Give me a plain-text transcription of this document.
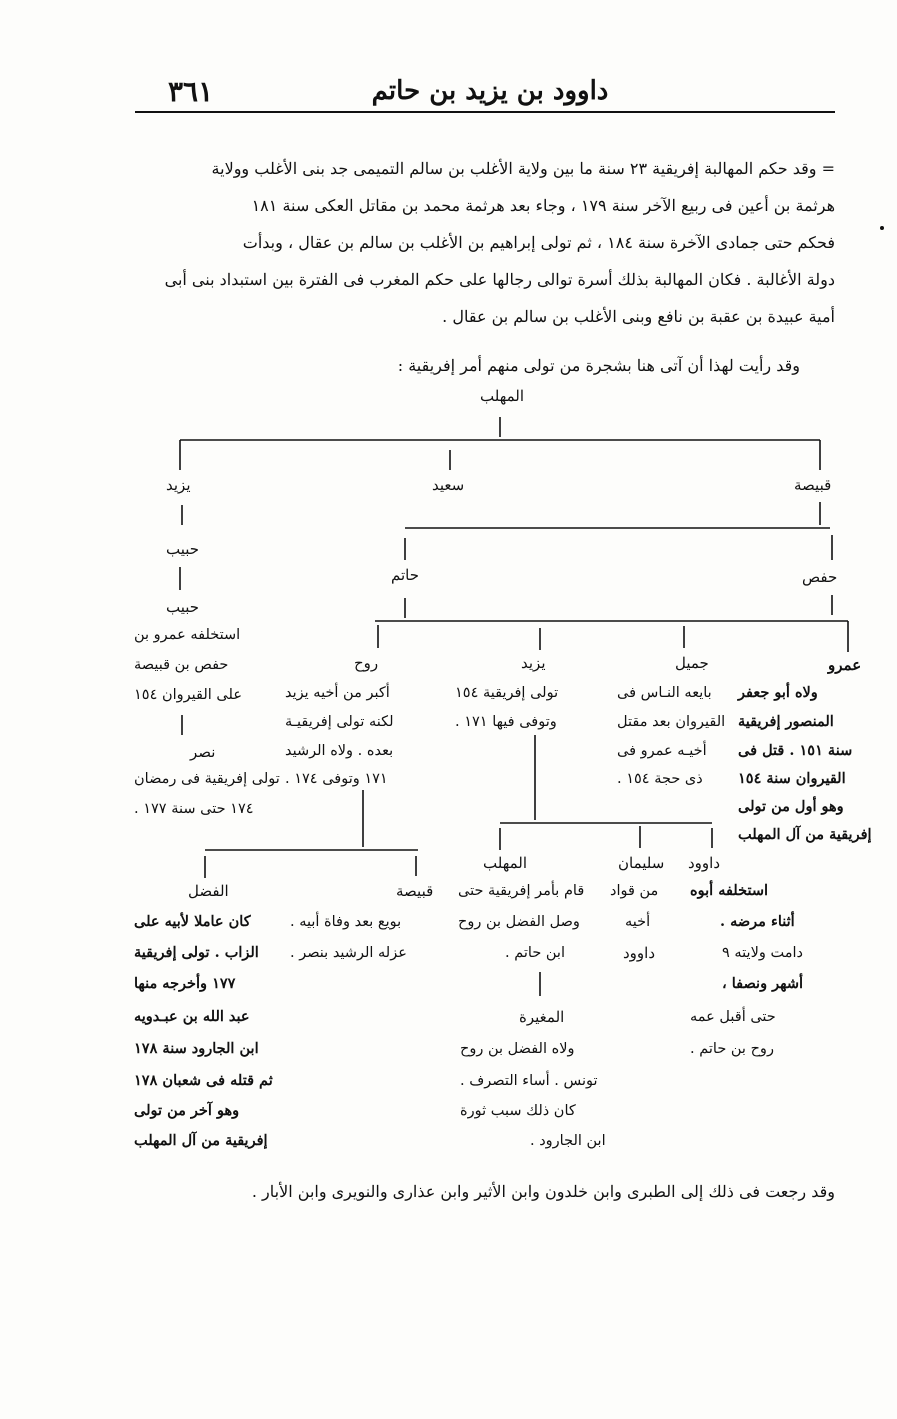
داوود بن يزيد بن حاتم
٣٦١
= وقد حكم المهالبة إفريقية ٢٣ سنة ما بين ولاية الأغلب بن سالم التميمى جد بنى الأغلب وولاية
هرثمة بن أعين فى ربيع الآخر سنة ١٧٩ ، وجاء بعد هرثمة محمد بن مقاتل العكى سنة ١٨١
فحكم حتى جمادى الآخرة سنة ١٨٤ ، ثم تولى إبراهيم بن الأغلب بن سالم بن عقال ، وبدأت
دولة الأغالبة . فكان المهالبة بذلك أسرة توالى رجالها على حكم المغرب فى الفترة بين استبداد بنى أبى
أمية عبيدة بن عقبة بن نافع وبنى الأغلب بن سالم بن عقال .
وقد رأيت لهذا أن آتى هنا بشجرة من تولى منهم أمر إفريقية :
يزيد	سعيد	قبيصة
المهلب
حبيب
حبيب
استخلفه عمرو بن
حفص بن قبيصة
على القيروان ١٥٤
نصر
تولى إفريقية فى رمضان
١٧٤ حتى سنة ١٧٧ .
حاتم	حفص
روح	يزيد	جميل	عمرو
أكبر من أخيه يزيد
لكنه تولى إفريقيـة
بعده . ولاه الرشيد
١٧١ وتوفى ١٧٤ .
تولى إفريقية ١٥٤
وتوفى فيها ١٧١ .
بايعه النـاس فى
القيروان بعد مقتل
أخيـه عمرو فى
ذى حجة ١٥٤ .
ولاه أبو جعفر
المنصور إفريقية
سنة ١٥١ . قتل فى
القيروان سنة ١٥٤
وهو أول من تولى
إفريقية من آل المهلب
الفضل	قبيصة
المهلب	سليمان داوود
كان عاملا لأبيه على
الزاب . تولى إفريقية
١٧٧ وأخرجه منها
عبد الله بن عبـدويه
ابن الجارود سنة ١٧٨
ثم قتله فى شعبان ١٧٨
وهو آخر من تولى
إفريقية من آل المهلب
بويع بعد وفاة أبيه .
عزله الرشيد بنصر .
قام بأمر إفريقية حتى
وصل الفضل بن روح
ابن حاتم .
من قواد
أخيه
استخلفه أبوه
أثناء مرضه .
دامت ولايته ٩
أشهر ونصفا ،
حتى أقبل عمه
روح بن حاتم .
داوود
المغيرة
ولاه الفضل بن روح
تونس . أساء التصرف .
كان ذلك سبب ثورة
ابن الجارود .
وقد رجعت فى ذلك إلى الطبرى وابن خلدون وابن الأثير وابن عذارى والنويرى وابن الأبار .
